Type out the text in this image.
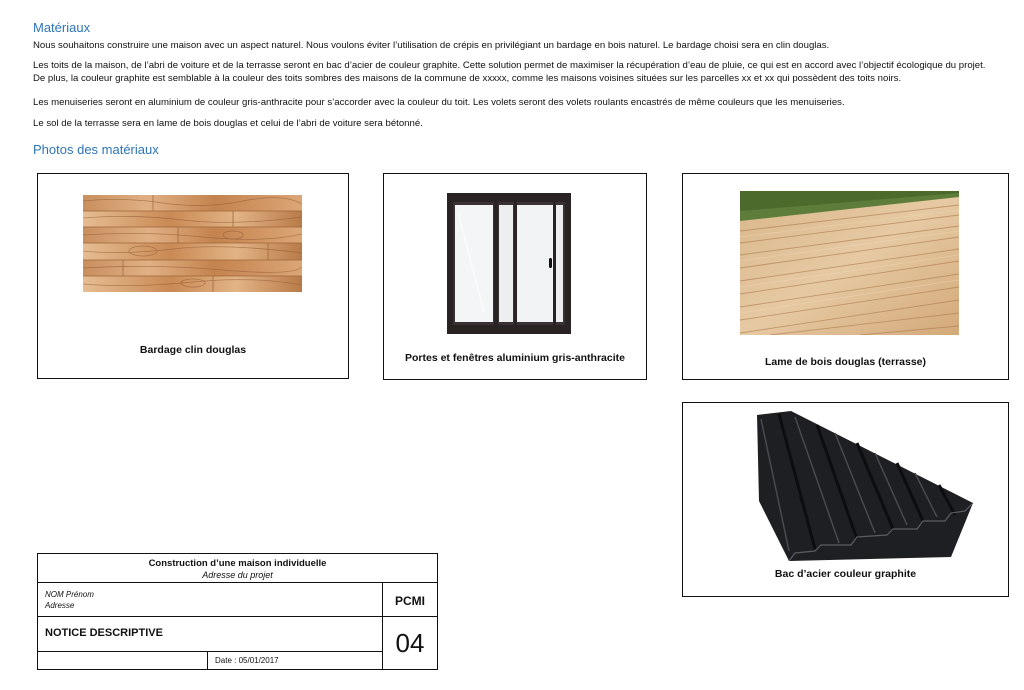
Matériaux
Nous souhaitons construire une maison avec un aspect naturel. Nous voulons éviter l’utilisation de crépis en privilégiant un bardage en bois naturel. Le bardage choisi sera en clin douglas.
Les toits de la maison, de l’abri de voiture et de la terrasse seront en bac d’acier de couleur graphite. Cette solution permet de maximiser la récupération d’eau de pluie, ce qui est en accord avec l’objectif écologique du projet. De plus, la couleur graphite est semblable à la couleur des toits sombres des maisons de la commune de xxxxx, comme les maisons voisines situées sur les parcelles xx et xx qui possèdent des toits noirs.
Les menuiseries seront en aluminium de couleur gris-anthracite pour s’accorder avec la couleur du toit. Les volets seront des volets roulants encastrés de même couleurs que les menuiseries.
Le sol de la terrasse sera en lame de bois douglas et celui de l’abri de voiture sera bétonné.
Photos des matériaux
Bardage clin douglas
Portes et fenêtres aluminium gris-anthracite	Lame de bois douglas (terrasse)
Bac d’acier couleur graphite
Construction d’une maison individuelle
Adresse du projet
NOM Prénom
Adresse	PCMI
NOTICE DESCRIPTIVE	04
Date : 05/01/2017
